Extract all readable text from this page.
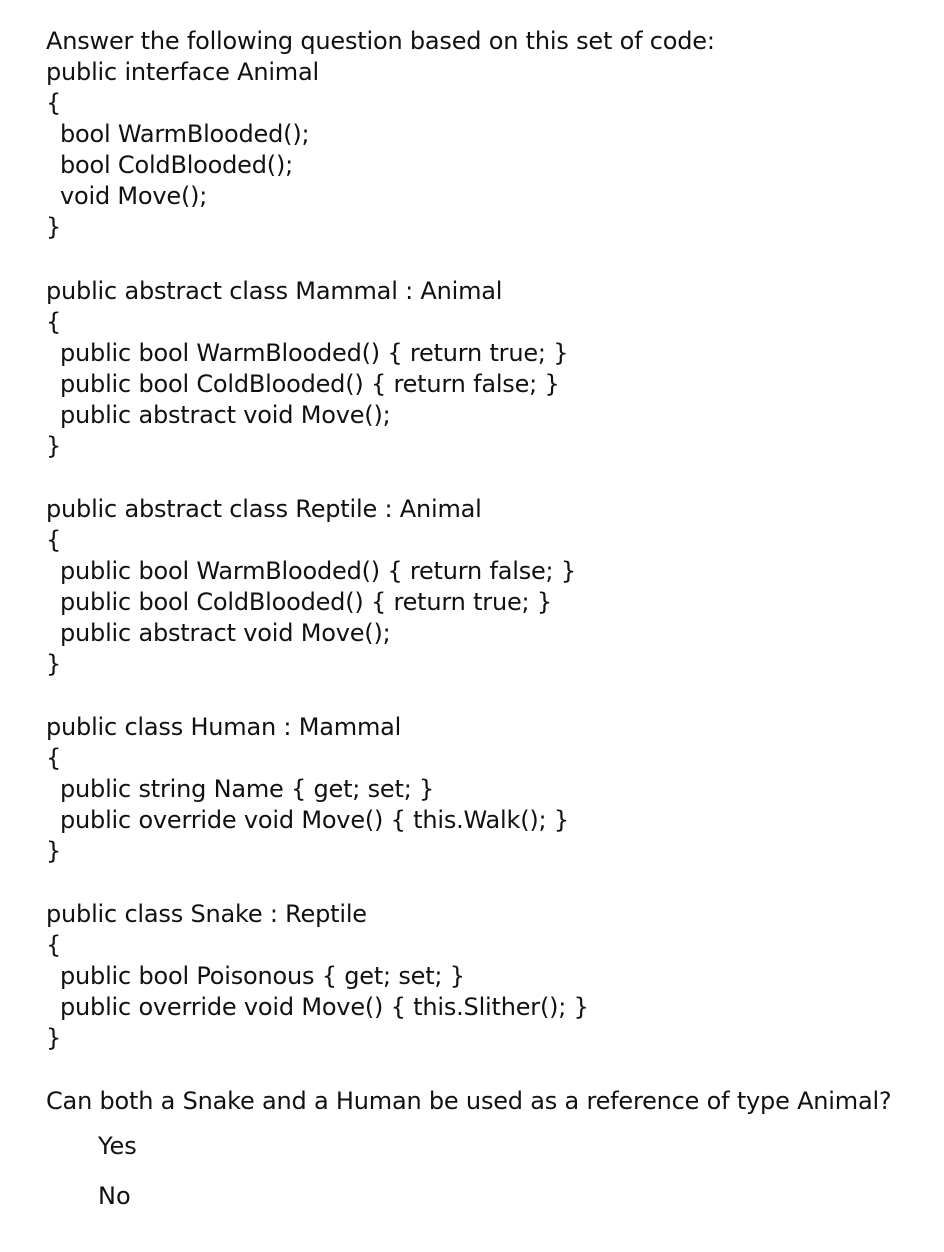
Answer the following question based on this set of code:
public interface Animal
{
bool WarmBlooded();
bool ColdBlooded();
void Move();
}
public abstract class Mammal : Animal
{
public bool WarmBlooded() { return true; }
public bool ColdBlooded() { return false; }
public abstract void Move();
}
public abstract class Reptile : Animal
{
public bool WarmBlooded() { return false; }
public bool ColdBlooded() { return true; }
public abstract void Move();
}
public class Human : Mammal
{
public string Name { get; set; }
public override void Move() { this.Walk(); }
}
public class Snake : Reptile
{
public bool Poisonous { get; set; }
public override void Move() { this.Slither(); }
}
Can both a Snake and a Human be used as a reference of type Animal?
Yes
No
